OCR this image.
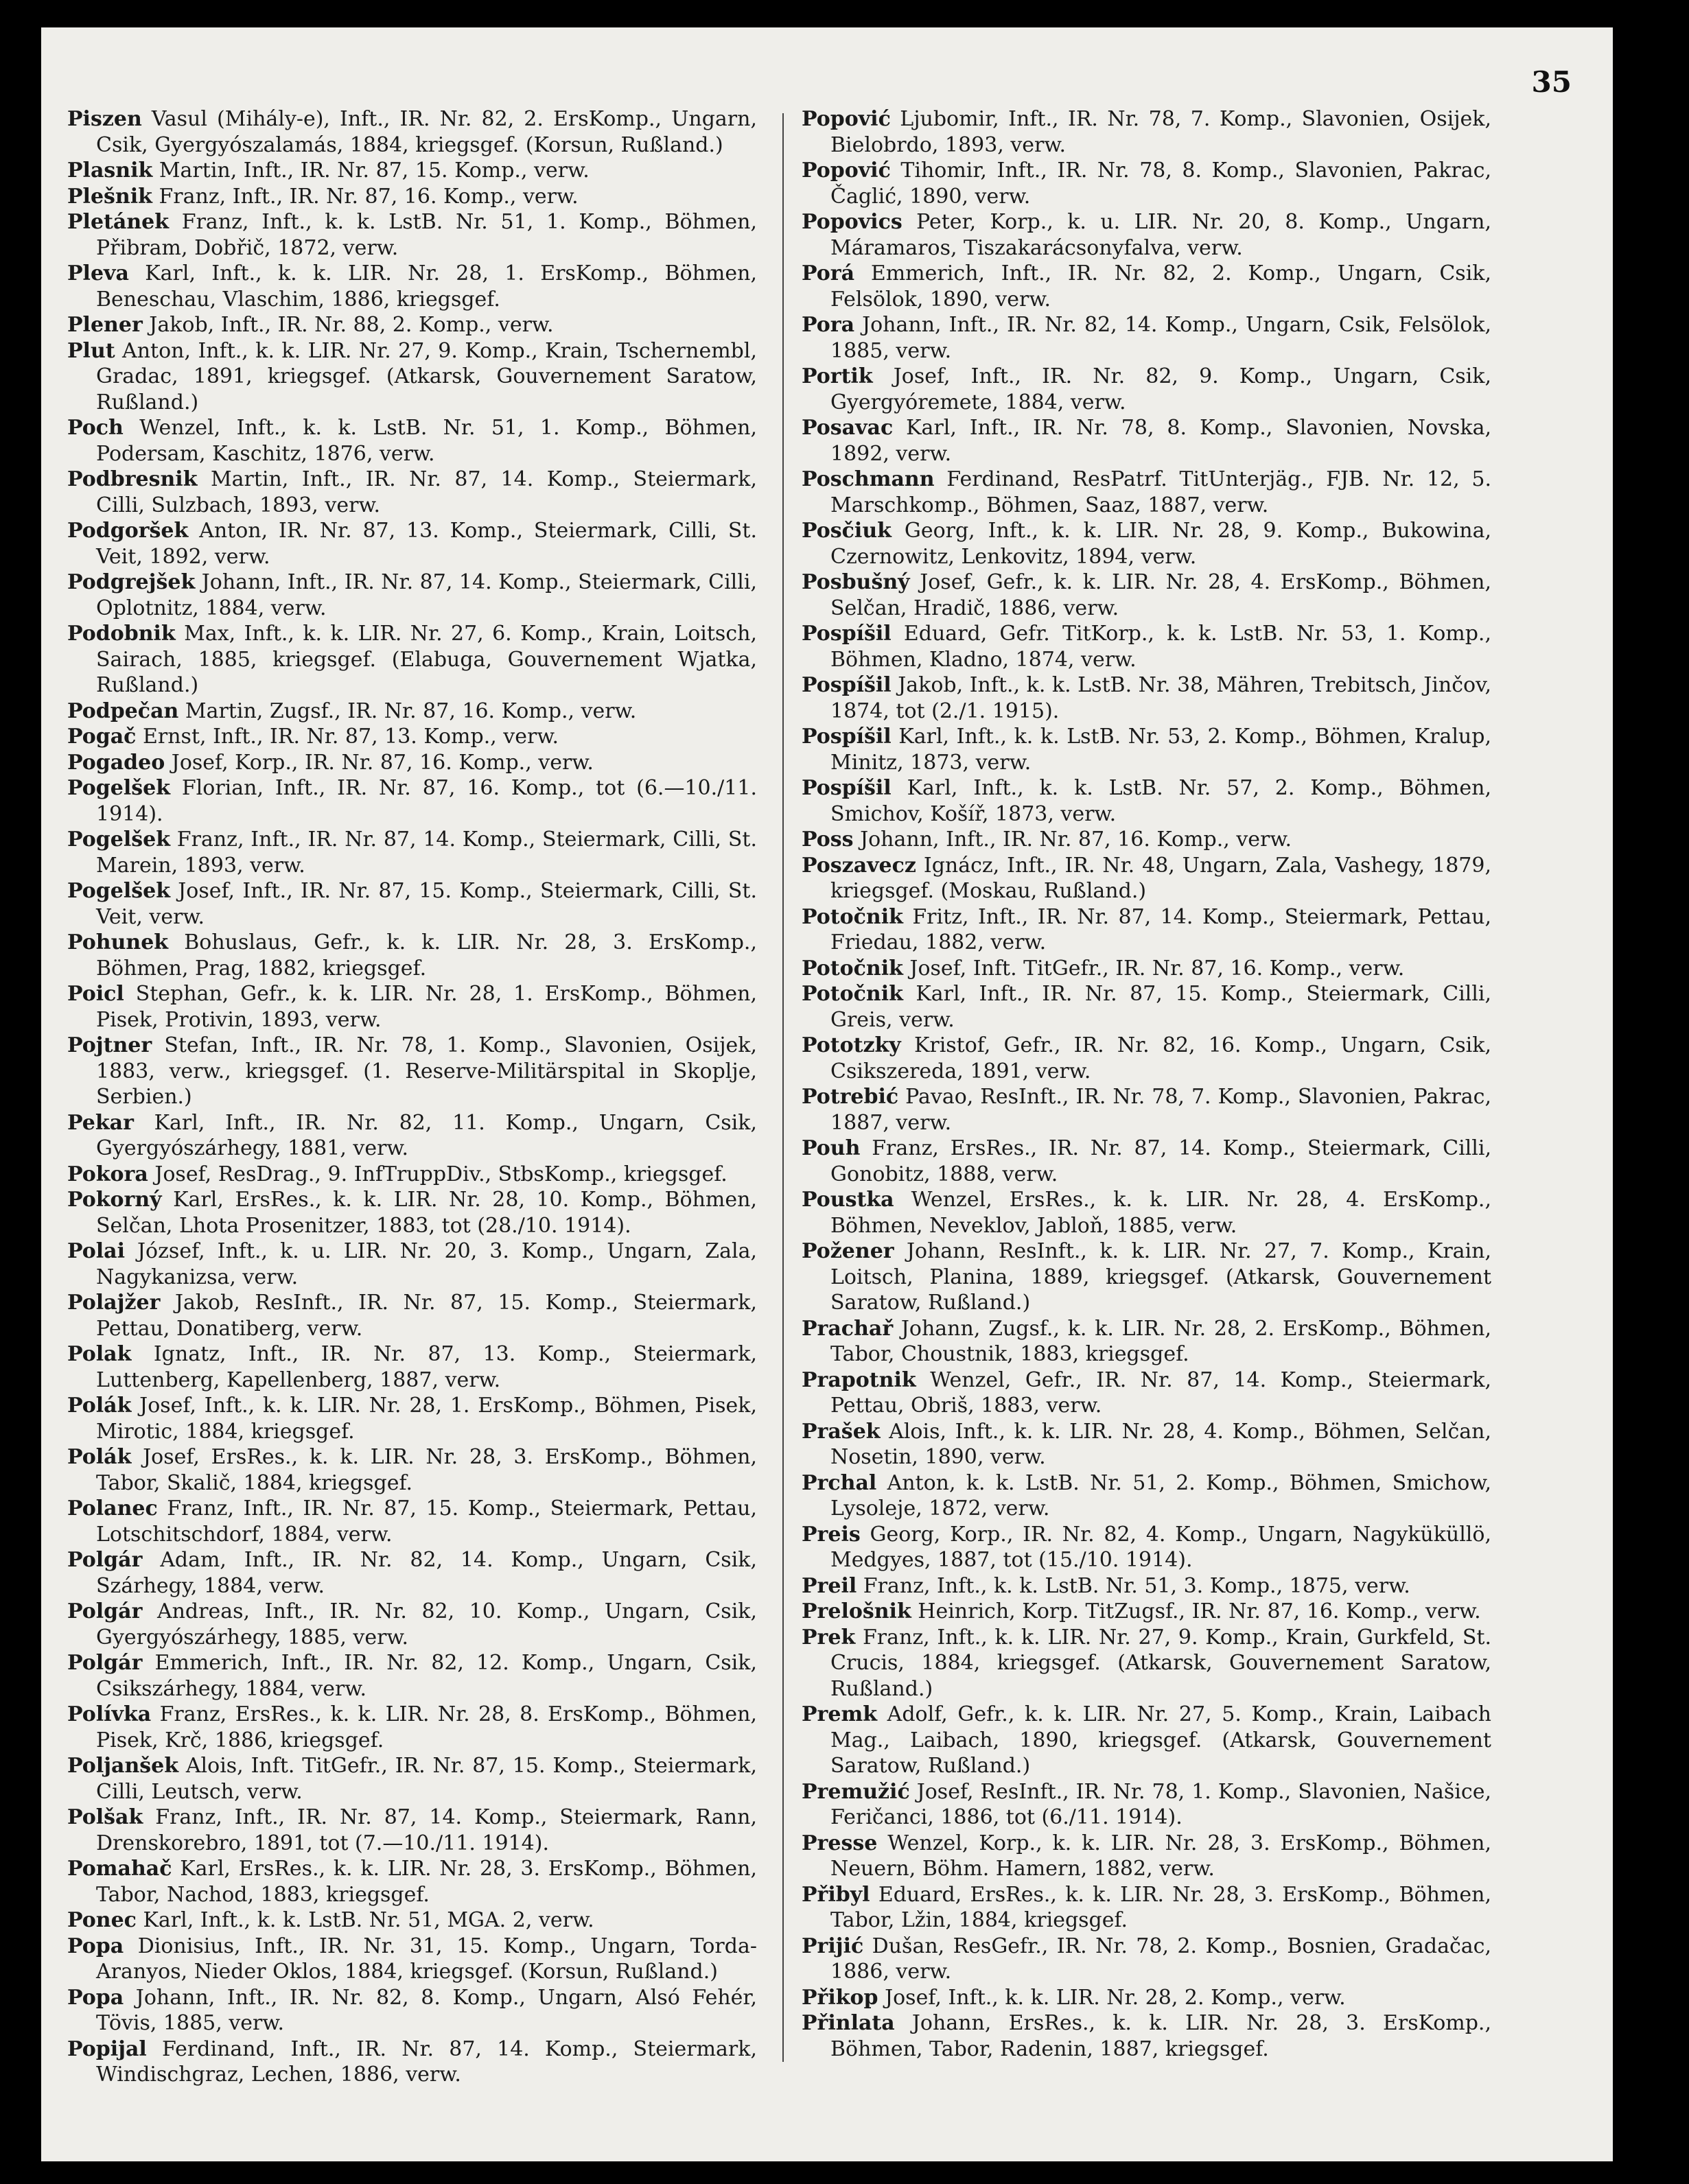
35

Piszen Vasul (Mihály-e), Inft., IR. Nr. 82, 2. ErsKomp., Ungarn, Csik, Gyergyószalamás, 1884, kriegsgef. (Korsun, Rußland.)

Plasnik Martin, Inft., IR. Nr. 87, 15. Komp., verw.

Plešnik Franz, Inft., IR. Nr. 87, 16. Komp., verw.

Pletánek Franz, Inft., k. k. LstB. Nr. 51, 1. Komp., Böhmen, Přibram, Dobřič, 1872, verw.

Pleva Karl, Inft., k. k. LIR. Nr. 28, 1. ErsKomp., Böhmen, Beneschau, Vlaschim, 1886, kriegsgef.

Plener Jakob, Inft., IR. Nr. 88, 2. Komp., verw.

Plut Anton, Inft., k. k. LIR. Nr. 27, 9. Komp., Krain, Tschernembl, Gradac, 1891, kriegsgef. (Atkarsk, Gouvernement Saratow, Rußland.)

Poch Wenzel, Inft., k. k. LstB. Nr. 51, 1. Komp., Böhmen, Podersam, Kaschitz, 1876, verw.

Podbresnik Martin, Inft., IR. Nr. 87, 14. Komp., Steiermark, Cilli, Sulzbach, 1893, verw.

Podgoršek Anton, IR. Nr. 87, 13. Komp., Steiermark, Cilli, St. Veit, 1892, verw.

Podgrejšek Johann, Inft., IR. Nr. 87, 14. Komp., Steiermark, Cilli, Oplotnitz, 1884, verw.

Podobnik Max, Inft., k. k. LIR. Nr. 27, 6. Komp., Krain, Loitsch, Sairach, 1885, kriegsgef. (Elabuga, Gouvernement Wjatka, Rußland.)

Podpečan Martin, Zugsf., IR. Nr. 87, 16. Komp., verw.

Pogač Ernst, Inft., IR. Nr. 87, 13. Komp., verw.

Pogadeo Josef, Korp., IR. Nr. 87, 16. Komp., verw.

Pogelšek Florian, Inft., IR. Nr. 87, 16. Komp., tot (6.—10./11. 1914).

Pogelšek Franz, Inft., IR. Nr. 87, 14. Komp., Steiermark, Cilli, St. Marein, 1893, verw.

Pogelšek Josef, Inft., IR. Nr. 87, 15. Komp., Steiermark, Cilli, St. Veit, verw.

Pohunek Bohuslaus, Gefr., k. k. LIR. Nr. 28, 3. ErsKomp., Böhmen, Prag, 1882, kriegsgef.

Poicl Stephan, Gefr., k. k. LIR. Nr. 28, 1. ErsKomp., Böhmen, Pisek, Protivin, 1893, verw.

Pojtner Stefan, Inft., IR. Nr. 78, 1. Komp., Slavonien, Osijek, 1883, verw., kriegsgef. (1. Reserve-Militärspital in Skoplje, Serbien.)

Pekar Karl, Inft., IR. Nr. 82, 11. Komp., Ungarn, Csik, Gyergyószárhegy, 1881, verw.

Pokora Josef, ResDrag., 9. InfTruppDiv., StbsKomp., kriegsgef.

Pokorný Karl, ErsRes., k. k. LIR. Nr. 28, 10. Komp., Böhmen, Selčan, Lhota Prosenitzer, 1883, tot (28./10. 1914).

Polai József, Inft., k. u. LIR. Nr. 20, 3. Komp., Ungarn, Zala, Nagykanizsa, verw.

Polajžer Jakob, ResInft., IR. Nr. 87, 15. Komp., Steiermark, Pettau, Donatiberg, verw.

Polak Ignatz, Inft., IR. Nr. 87, 13. Komp., Steiermark, Luttenberg, Kapellenberg, 1887, verw.

Polák Josef, Inft., k. k. LIR. Nr. 28, 1. ErsKomp., Böhmen, Pisek, Mirotic, 1884, kriegsgef.

Polák Josef, ErsRes., k. k. LIR. Nr. 28, 3. ErsKomp., Böhmen, Tabor, Skalič, 1884, kriegsgef.

Polanec Franz, Inft., IR. Nr. 87, 15. Komp., Steiermark, Pettau, Lotschitschdorf, 1884, verw.

Polgár Adam, Inft., IR. Nr. 82, 14. Komp., Ungarn, Csik, Szárhegy, 1884, verw.

Polgár Andreas, Inft., IR. Nr. 82, 10. Komp., Ungarn, Csik, Gyergyószárhegy, 1885, verw.

Polgár Emmerich, Inft., IR. Nr. 82, 12. Komp., Ungarn, Csik, Csikszárhegy, 1884, verw.

Polívka Franz, ErsRes., k. k. LIR. Nr. 28, 8. ErsKomp., Böhmen, Pisek, Krč, 1886, kriegsgef.

Poljanšek Alois, Inft. TitGefr., IR. Nr. 87, 15. Komp., Steiermark, Cilli, Leutsch, verw.

Polšak Franz, Inft., IR. Nr. 87, 14. Komp., Steiermark, Rann, Drenskorebro, 1891, tot (7.—10./11. 1914).

Pomahač Karl, ErsRes., k. k. LIR. Nr. 28, 3. ErsKomp., Böhmen, Tabor, Nachod, 1883, kriegsgef.

Ponec Karl, Inft., k. k. LstB. Nr. 51, MGA. 2, verw.

Popa Dionisius, Inft., IR. Nr. 31, 15. Komp., Ungarn, Torda-Aranyos, Nieder Oklos, 1884, kriegsgef. (Korsun, Rußland.)

Popa Johann, Inft., IR. Nr. 82, 8. Komp., Ungarn, Alsó Fehér, Tövis, 1885, verw.

Popijal Ferdinand, Inft., IR. Nr. 87, 14. Komp., Steiermark, Windischgraz, Lechen, 1886, verw.

Popović Ljubomir, Inft., IR. Nr. 78, 7. Komp., Slavonien, Osijek, Bielobrdo, 1893, verw.

Popović Tihomir, Inft., IR. Nr. 78, 8. Komp., Slavonien, Pakrac, Čaglić, 1890, verw.

Popovics Peter, Korp., k. u. LIR. Nr. 20, 8. Komp., Ungarn, Máramaros, Tiszakarácsonyfalva, verw.

Porá Emmerich, Inft., IR. Nr. 82, 2. Komp., Ungarn, Csik, Felsölok, 1890, verw.

Pora Johann, Inft., IR. Nr. 82, 14. Komp., Ungarn, Csik, Felsölok, 1885, verw.

Portik Josef, Inft., IR. Nr. 82, 9. Komp., Ungarn, Csik, Gyergyóremete, 1884, verw.

Posavac Karl, Inft., IR. Nr. 78, 8. Komp., Slavonien, Novska, 1892, verw.

Poschmann Ferdinand, ResPatrf. TitUnterjäg., FJB. Nr. 12, 5. Marschkomp., Böhmen, Saaz, 1887, verw.

Posčiuk Georg, Inft., k. k. LIR. Nr. 28, 9. Komp., Bukowina, Czernowitz, Lenkovitz, 1894, verw.

Posbušný Josef, Gefr., k. k. LIR. Nr. 28, 4. ErsKomp., Böhmen, Selčan, Hradič, 1886, verw.

Pospíšil Eduard, Gefr. TitKorp., k. k. LstB. Nr. 53, 1. Komp., Böhmen, Kladno, 1874, verw.

Pospíšil Jakob, Inft., k. k. LstB. Nr. 38, Mähren, Trebitsch, Jinčov, 1874, tot (2./1. 1915).

Pospíšil Karl, Inft., k. k. LstB. Nr. 53, 2. Komp., Böhmen, Kralup, Minitz, 1873, verw.

Pospíšil Karl, Inft., k. k. LstB. Nr. 57, 2. Komp., Böhmen, Smichov, Košíř, 1873, verw.

Poss Johann, Inft., IR. Nr. 87, 16. Komp., verw.

Poszavecz Ignácz, Inft., IR. Nr. 48, Ungarn, Zala, Vashegy, 1879, kriegsgef. (Moskau, Rußland.)

Potočnik Fritz, Inft., IR. Nr. 87, 14. Komp., Steiermark, Pettau, Friedau, 1882, verw.

Potočnik Josef, Inft. TitGefr., IR. Nr. 87, 16. Komp., verw.

Potočnik Karl, Inft., IR. Nr. 87, 15. Komp., Steiermark, Cilli, Greis, verw.

Pototzky Kristof, Gefr., IR. Nr. 82, 16. Komp., Ungarn, Csik, Csikszereda, 1891, verw.

Potrebić Pavao, ResInft., IR. Nr. 78, 7. Komp., Slavonien, Pakrac, 1887, verw.

Pouh Franz, ErsRes., IR. Nr. 87, 14. Komp., Steiermark, Cilli, Gonobitz, 1888, verw.

Poustka Wenzel, ErsRes., k. k. LIR. Nr. 28, 4. ErsKomp., Böhmen, Neveklov, Jabloň, 1885, verw.

Požener Johann, ResInft., k. k. LIR. Nr. 27, 7. Komp., Krain, Loitsch, Planina, 1889, kriegsgef. (Atkarsk, Gouvernement Saratow, Rußland.)

Prachař Johann, Zugsf., k. k. LIR. Nr. 28, 2. ErsKomp., Böhmen, Tabor, Choustnik, 1883, kriegsgef.

Prapotnik Wenzel, Gefr., IR. Nr. 87, 14. Komp., Steiermark, Pettau, Obriš, 1883, verw.

Prašek Alois, Inft., k. k. LIR. Nr. 28, 4. Komp., Böhmen, Selčan, Nosetin, 1890, verw.

Prchal Anton, k. k. LstB. Nr. 51, 2. Komp., Böhmen, Smichow, Lysoleje, 1872, verw.

Preis Georg, Korp., IR. Nr. 82, 4. Komp., Ungarn, Nagyküküllö, Medgyes, 1887, tot (15./10. 1914).

Preil Franz, Inft., k. k. LstB. Nr. 51, 3. Komp., 1875, verw.

Prelošnik Heinrich, Korp. TitZugsf., IR. Nr. 87, 16. Komp., verw.

Prek Franz, Inft., k. k. LIR. Nr. 27, 9. Komp., Krain, Gurkfeld, St. Crucis, 1884, kriegsgef. (Atkarsk, Gouvernement Saratow, Rußland.)

Premk Adolf, Gefr., k. k. LIR. Nr. 27, 5. Komp., Krain, Laibach Mag., Laibach, 1890, kriegsgef. (Atkarsk, Gouvernement Saratow, Rußland.)

Premužić Josef, ResInft., IR. Nr. 78, 1. Komp., Slavonien, Našice, Feričanci, 1886, tot (6./11. 1914).

Presse Wenzel, Korp., k. k. LIR. Nr. 28, 3. ErsKomp., Böhmen, Neuern, Böhm. Hamern, 1882, verw.

Přibyl Eduard, ErsRes., k. k. LIR. Nr. 28, 3. ErsKomp., Böhmen, Tabor, Lžin, 1884, kriegsgef.

Prijić Dušan, ResGefr., IR. Nr. 78, 2. Komp., Bosnien, Gradačac, 1886, verw.

Přikop Josef, Inft., k. k. LIR. Nr. 28, 2. Komp., verw.

Přinlata Johann, ErsRes., k. k. LIR. Nr. 28, 3. ErsKomp., Böhmen, Tabor, Radenin, 1887, kriegsgef.
